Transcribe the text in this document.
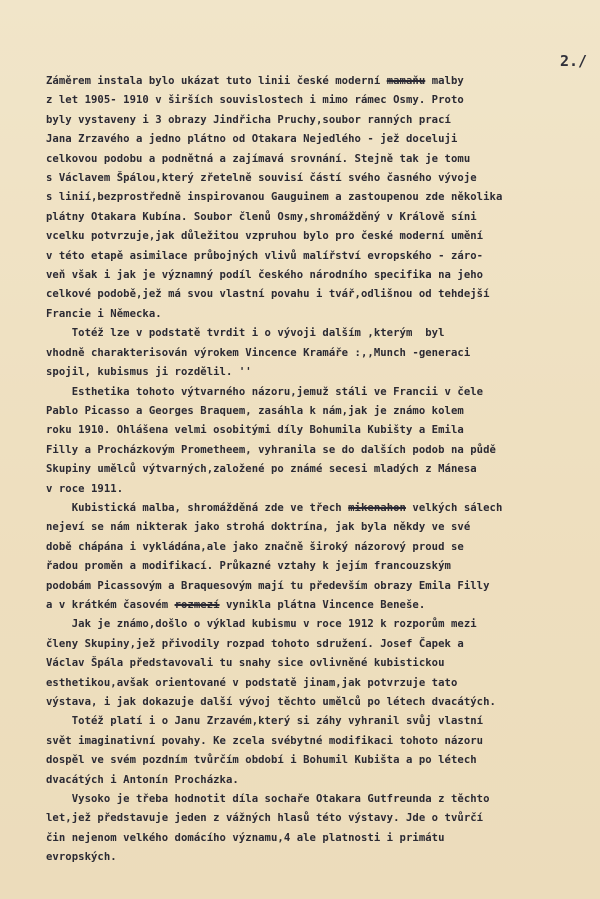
2./
Záměrem instala bylo ukázat tuto linii české moderní mamaňu malby
z let 1905- 1910 v širších souvislostech i mimo rámec Osmy. Proto
byly vystaveny i 3 obrazy Jindřicha Pruchy,soubor ranných prací
Jana Zrzavého a jedno plátno od Otakara Nejedlého - jež doceluji
celkovou podobu a podnětná a zajímavá srovnání. Stejně tak je tomu
s Václavem Špálou,který zřetelně souvisí částí svého časného vývoje
s linií,bezprostředně inspirovanou Gauguinem a zastoupenou zde několika
plátny Otakara Kubína. Soubor členů Osmy,shromážděný v Králově síni
vcelku potvrzuje,jak důležitou vzpruhou bylo pro české moderní umění
v této etapě asimilace průbojných vlivů malířství evropského - záro-
veň však i jak je významný podíl českého národního specifika na jeho
celkové podobě,jež má svou vlastní povahu i tvář,odlišnou od tehdejší
Francie i Německa.
Totéž lze v podstatě tvrdit i o vývoji dalším ,kterým  byl
vhodně charakterisován výrokem Vincence Kramáře :,,Munch -generaci
spojil, kubismus ji rozdělil. ''
Esthetika tohoto výtvarného názoru,jemuž stáli ve Francii v čele
Pablo Picasso a Georges Braquem, zasáhla k nám,jak je známo kolem
roku 1910. Ohlášena velmi osobitými díly Bohumila Kubišty a Emila
Filly a Procházkovým Prometheem, vyhranila se do dalších podob na půdě
Skupiny umělců výtvarných,založené po známé secesi mladých z Mánesa
v roce 1911.
Kubistická malba, shromážděná zde ve třech mikenahon velkých sálech
nejeví se nám nikterak jako strohá doktrína, jak byla někdy ve své
době chápána i vykládána,ale jako značně široký názorový proud se
řadou proměn a modifikací. Průkazné vztahy k jejím francouzským
podobám Picassovým a Braquesovým mají tu především obrazy Emila Filly
a v krátkém časovém rozmezí vynikla plátna Vincence Beneše.
Jak je známo,došlo o výklad kubismu v roce 1912 k rozporům mezi
členy Skupiny,jež přivodily rozpad tohoto sdružení. Josef Čapek a
Václav Špála představovali tu snahy sice ovlivněné kubistickou
esthetikou,avšak orientované v podstatě jinam,jak potvrzuje tato
výstava, i jak dokazuje další vývoj těchto umělců po létech dvacátých.
Totéž platí i o Janu Zrzavém,který si záhy vyhranil svůj vlastní
svět imaginativní povahy. Ke zcela svébytné modifikaci tohoto názoru
dospěl ve svém pozdním tvůrčím období i Bohumil Kubišta a po létech
dvacátých i Antonín Procházka.
Vysoko je třeba hodnotit díla sochaře Otakara Gutfreunda z těchto
let,jež představuje jeden z vážných hlasů této výstavy. Jde o tvůrčí
čin nejenom velkého domácího významu,4 ale platnosti i primátu
evropských.
